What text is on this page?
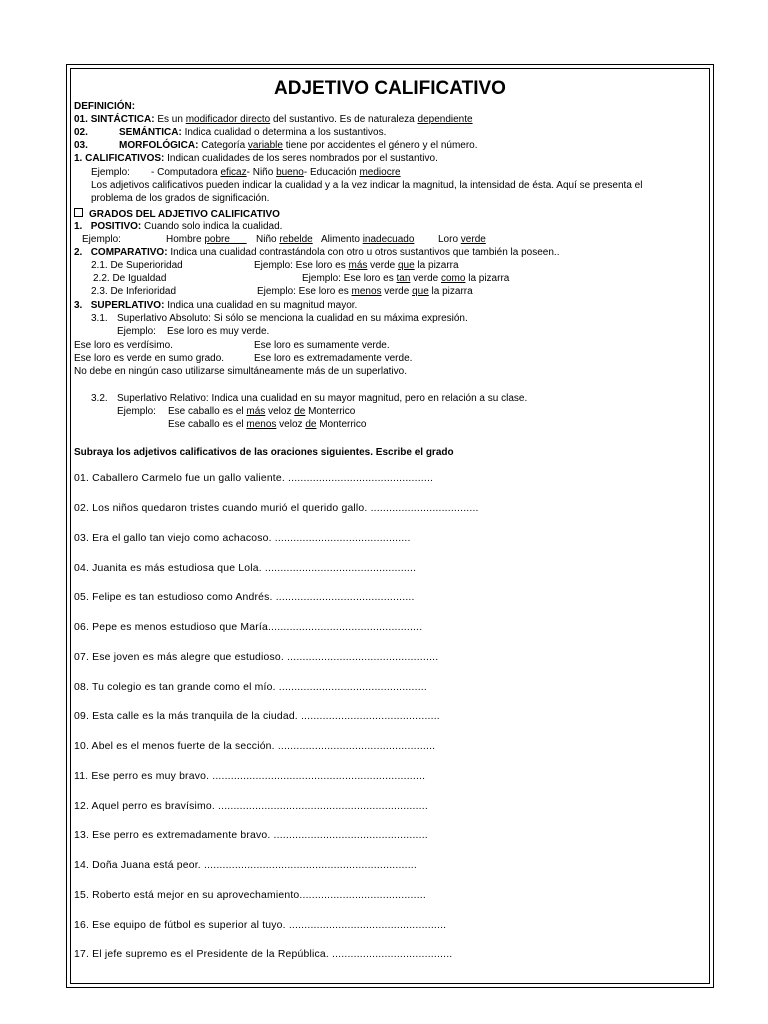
ADJETIVO CALIFICATIVO
DEFINICIÓN:
01. SINTÁCTICA: Es un modificador directo del sustantivo. Es de naturaleza dependiente
02.	SEMÁNTICA: Indica cualidad o determina a los sustantivos.
03.	MORFOLÓGICA: Categoría variable tiene por accidentes el género y el número.
1. CALIFICATIVOS: Indican cualidades de los seres nombrados por el sustantivo.
Ejemplo: - Computadora eficaz- Niño bueno- Educación mediocre
Los adjetivos calificativos pueden indicar la cualidad y a la vez indicar la magnitud, la intensidad de ésta. Aquí se presenta el
problema de los grados de significación.
GRADOS DEL ADJETIVO CALIFICATIVO
1. POSITIVO: Cuando solo indica la cualidad.
Ejemplo:	Hombre pobre Niño rebelde Alimento inadecuado Loro verde
2. COMPARATIVO: Indica una cualidad contrastándola con otro u otros sustantivos que también la poseen..
2.1. De Superioridad	Ejemplo: Ese loro es más verde que la pizarra
2.2. De Igualdad	Ejemplo: Ese loro es tan verde como la pizarra
2.3. De Inferioridad	Ejemplo: Ese loro es menos verde que la pizarra
3. SUPERLATIVO: Indica una cualidad en su magnitud mayor.
3.1. Superlativo Absoluto: Si sólo se menciona la cualidad en su máxima expresión.
Ejemplo:    Ese loro es muy verde.
Ese loro es verdísimo.	Ese loro es sumamente verde.
Ese loro es verde en sumo grado.	Ese loro es extremadamente verde.
No debe en ningún caso utilizarse simultáneamente más de un superlativo.
3.2. Superlativo Relativo: Indica una cualidad en su mayor magnitud, pero en relación a su clase.
Ejemplo: Ese caballo es el más veloz de Monterrico
Ese caballo es el menos veloz de Monterrico
Subraya los adjetivos calificativos de las oraciones siguientes. Escribe el grado
01. Caballero Carmelo fue un gallo valiente. ...............................................
02. Los niños quedaron tristes cuando murió el querido gallo. ...................................
03. Era el gallo tan viejo como achacoso. ............................................
04. Juanita es más estudiosa que Lola. .................................................
05. Felipe es tan estudioso como Andrés. .............................................
06. Pepe es menos estudioso que María..................................................
07. Ese joven es más alegre que estudioso. .................................................
08. Tu colegio es tan grande como el mío. ................................................
09. Esta calle es la más tranquila de la ciudad. .............................................
10. Abel es el menos fuerte de la sección. ...................................................
11. Ese perro es muy bravo. .....................................................................
12. Aquel perro es bravísimo. ....................................................................
13. Ese perro es extremadamente bravo. ..................................................
14. Doña Juana está peor. .....................................................................
15. Roberto está mejor en su aprovechamiento.........................................
16. Ese equipo de fútbol es superior al tuyo. ...................................................
17. El jefe supremo es el Presidente de la República. .......................................
